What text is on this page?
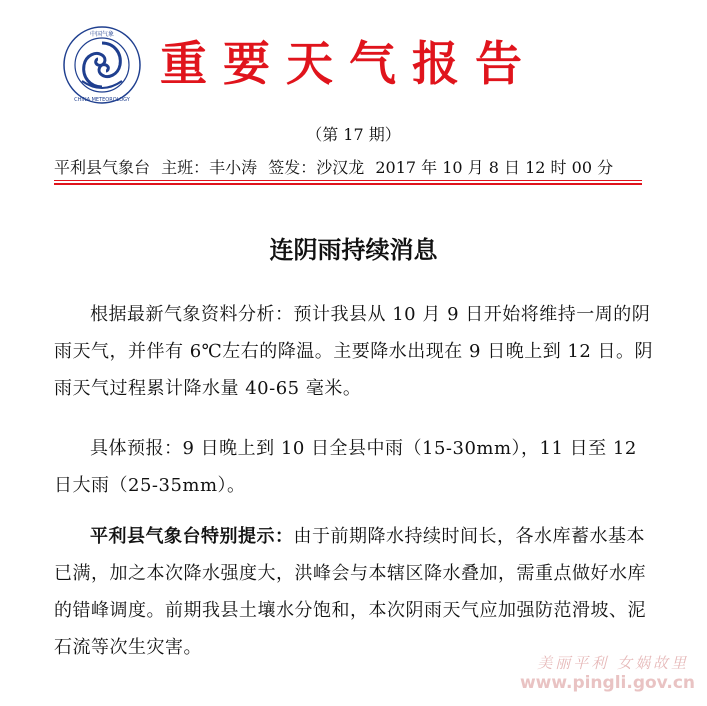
中国气象
CHINA METEOROLOGY
重要天气报告
（第 17 期）
平利县气象台 主班：丰小涛 签发：沙汉龙 2017 年 10 月 8 日 12 时 00 分
连阴雨持续消息
根据最新气象资料分析：预计我县从 10 月 9 日开始将维持一周的阴雨天气，并伴有 6℃左右的降温。主要降水出现在 9 日晚上到 12 日。阴雨天气过程累计降水量 40-65 毫米。
具体预报：9 日晚上到 10 日全县中雨（15-30mm），11 日至 12 日大雨（25-35mm）。
平利县气象台特别提示：由于前期降水持续时间长，各水库蓄水基本已满，加之本次降水强度大，洪峰会与本辖区降水叠加，需重点做好水库的错峰调度。前期我县土壤水分饱和，本次阴雨天气应加强防范滑坡、泥石流等次生灾害。
美丽平利 女娲故里
www.pingli.gov.cn
